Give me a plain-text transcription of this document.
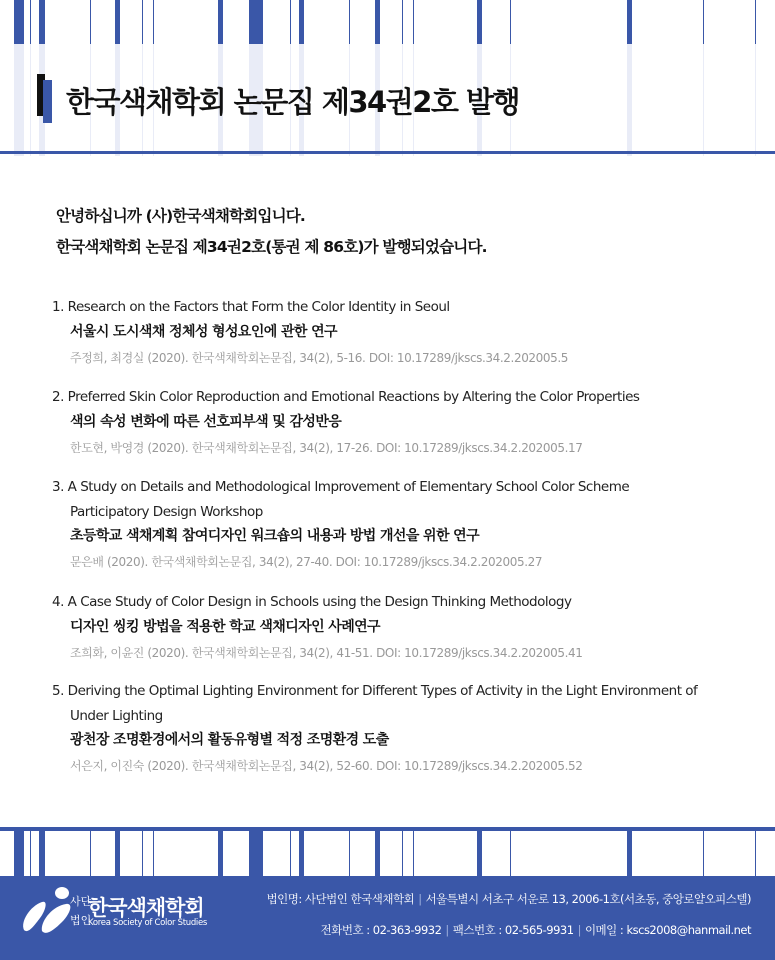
한국색채학회 논문집 제34권2호 발행
안녕하십니까 (사)한국색채학회입니다.
한국색채학회 논문집 제34권2호(통권 제 86호)가 발행되었습니다.
1. Research on the Factors that Form the Color Identity in Seoul
서울시 도시색채 정체성 형성요인에 관한 연구
주정희, 최경실 (2020). 한국색채학회논문집, 34(2), 5-16. DOI: 10.17289/jkscs.34.2.202005.5
2. Preferred Skin Color Reproduction and Emotional Reactions by Altering the Color Properties
색의 속성 변화에 따른 선호피부색 및 감성반응
한도현, 박영경 (2020). 한국색채학회논문집, 34(2), 17-26. DOI: 10.17289/jkscs.34.2.202005.17
3. A Study on Details and Methodological Improvement of Elementary School Color Scheme Participatory Design Workshop
초등학교 색채계획 참여디자인 워크숍의 내용과 방법 개선을 위한 연구
문은배 (2020). 한국색채학회논문집, 34(2), 27-40. DOI: 10.17289/jkscs.34.2.202005.27
4. A Case Study of Color Design in Schools using the Design Thinking Methodology
디자인 씽킹 방법을 적용한 학교 색채디자인 사례연구
조희화, 이윤진 (2020). 한국색채학회논문집, 34(2), 41-51. DOI: 10.17289/jkscs.34.2.202005.41
5. Deriving the Optimal Lighting Environment for Different Types of Activity in the Light Environment of Under Lighting
광천장 조명환경에서의 활동유형별 적정 조명환경 도출
서은지, 이진숙 (2020). 한국색채학회논문집, 34(2), 52-60. DOI: 10.17289/jkscs.34.2.202005.52
사단
법인
한국색채학회
Korea Society of Color Studies
법인명: 사단법인 한국색채학회 | 서울특별시 서초구 서운로 13, 2006-1호(서초동, 중앙로얄오피스텔)
전화번호 : 02-363-9932 | 팩스번호 : 02-565-9931 | 이메일 : kscs2008@hanmail.net
